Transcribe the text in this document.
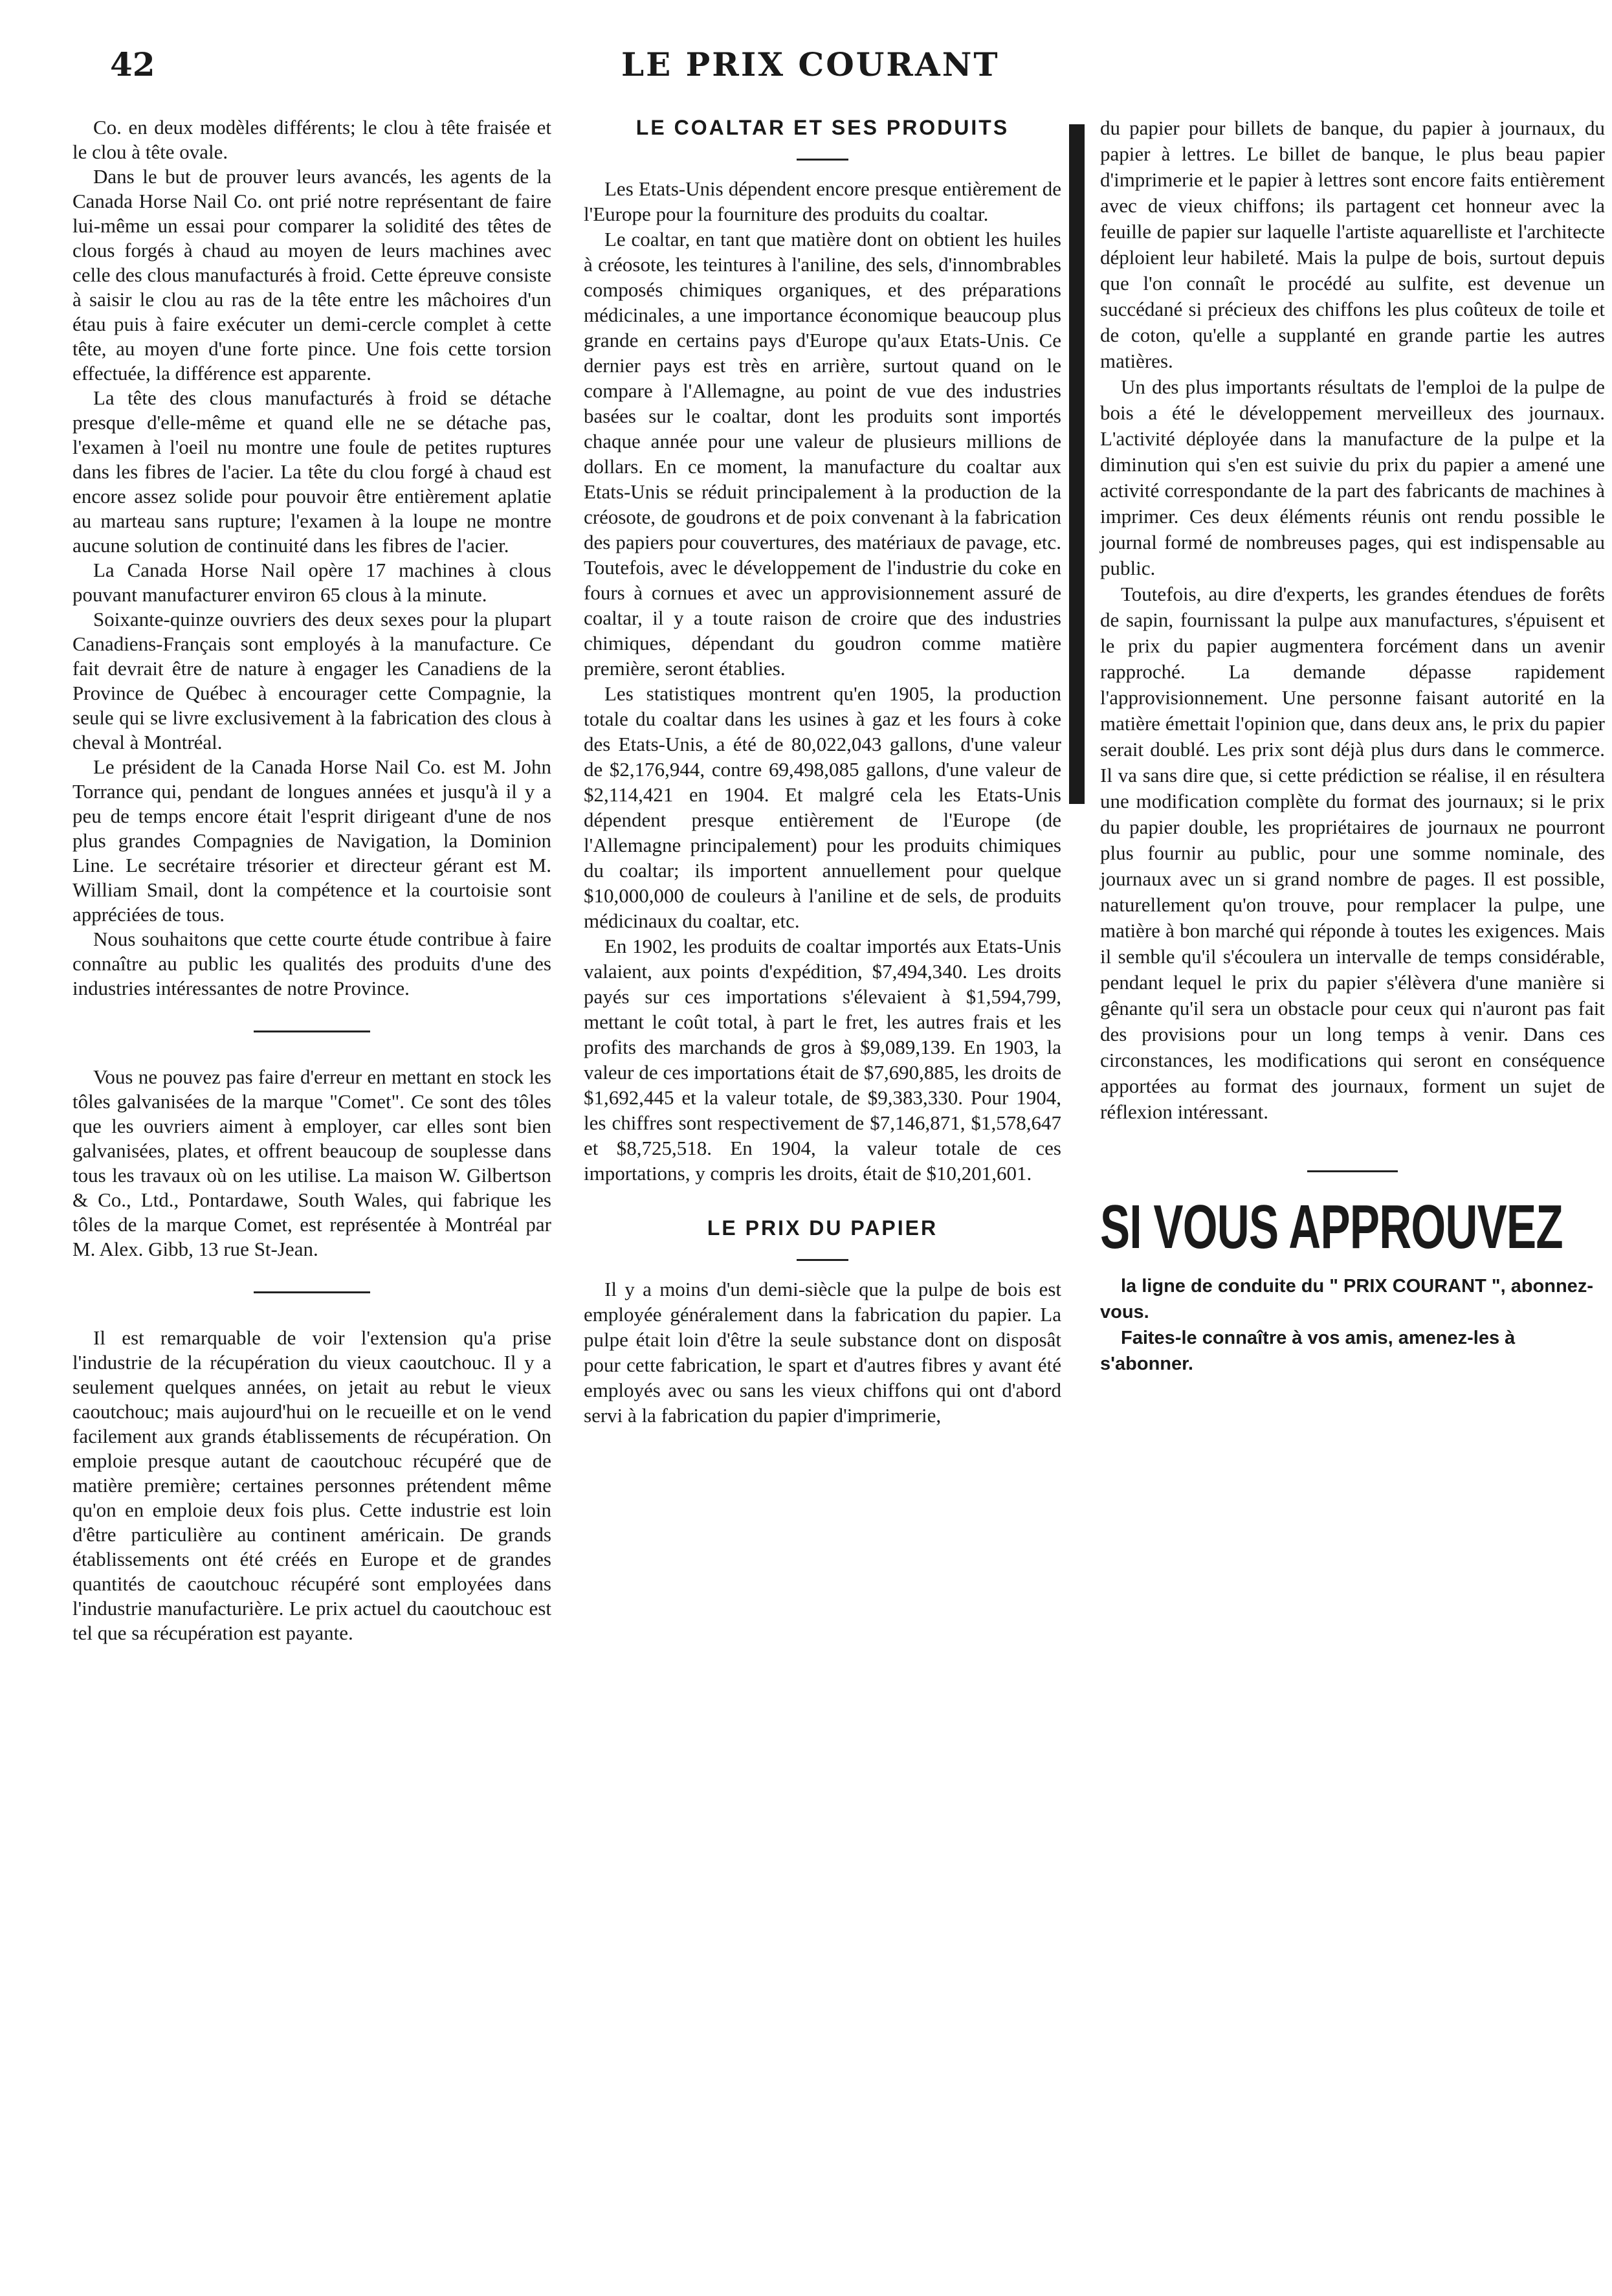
42	LE PRIX COURANT

Co. en deux modèles différents; le clou à tête fraisée et le clou à tête ovale.

Dans le but de prouver leurs avancés, les agents de la Canada Horse Nail Co. ont prié notre représentant de faire lui-même un essai pour comparer la solidité des têtes de clous forgés à chaud au moyen de leurs machines avec celle des clous manufacturés à froid. Cette épreuve consiste à saisir le clou au ras de la tête entre les mâchoires d'un étau puis à faire exécuter un demi-cercle complet à cette tête, au moyen d'une forte pince. Une fois cette torsion effectuée, la différence est apparente.

La tête des clous manufacturés à froid se détache presque d'elle-même et quand elle ne se détache pas, l'examen à l'oeil nu montre une foule de petites ruptures dans les fibres de l'acier. La tête du clou forgé à chaud est encore assez solide pour pouvoir être entièrement aplatie au marteau sans rupture; l'examen à la loupe ne montre aucune solution de continuité dans les fibres de l'acier.

La Canada Horse Nail opère 17 machines à clous pouvant manufacturer environ 65 clous à la minute.

Soixante-quinze ouvriers des deux sexes pour la plupart Canadiens-Français sont employés à la manufacture. Ce fait devrait être de nature à engager les Canadiens de la Province de Québec à encourager cette Compagnie, la seule qui se livre exclusivement à la fabrication des clous à cheval à Montréal.

Le président de la Canada Horse Nail Co. est M. John Torrance qui, pendant de longues années et jusqu'à il y a peu de temps encore était l'esprit dirigeant d'une de nos plus grandes Compagnies de Navigation, la Dominion Line. Le secrétaire trésorier et directeur gérant est M. William Smail, dont la compétence et la courtoisie sont appréciées de tous.

Nous souhaitons que cette courte étude contribue à faire connaître au public les qualités des produits d'une des industries intéressantes de notre Province.

Vous ne pouvez pas faire d'erreur en mettant en stock les tôles galvanisées de la marque "Comet". Ce sont des tôles que les ouvriers aiment à employer, car elles sont bien galvanisées, plates, et offrent beaucoup de souplesse dans tous les travaux où on les utilise. La maison W. Gilbertson & Co., Ltd., Pontardawe, South Wales, qui fabrique les tôles de la marque Comet, est représentée à Montréal par M. Alex. Gibb, 13 rue St-Jean.

Il est remarquable de voir l'extension qu'a prise l'industrie de la récupération du vieux caoutchouc. Il y a seulement quelques années, on jetait au rebut le vieux caoutchouc; mais aujourd'hui on le recueille et on le vend facilement aux grands établissements de récupération. On emploie presque autant de caoutchouc récupéré que de matière première; certaines personnes prétendent même qu'on en emploie deux fois plus. Cette industrie est loin d'être particulière au continent américain. De grands établissements ont été créés en Europe et de grandes quantités de caoutchouc récupéré sont employées dans l'industrie manufacturière. Le prix actuel du caoutchouc est tel que sa récupération est payante.

LE COALTAR ET SES PRODUITS

Les Etats-Unis dépendent encore presque entièrement de l'Europe pour la fourniture des produits du coaltar.

Le coaltar, en tant que matière dont on obtient les huiles à créosote, les teintures à l'aniline, des sels, d'innombrables composés chimiques organiques, et des préparations médicinales, a une importance économique beaucoup plus grande en certains pays d'Europe qu'aux Etats-Unis. Ce dernier pays est très en arrière, surtout quand on le compare à l'Allemagne, au point de vue des industries basées sur le coaltar, dont les produits sont importés chaque année pour une valeur de plusieurs millions de dollars. En ce moment, la manufacture du coaltar aux Etats-Unis se réduit principalement à la production de la créosote, de goudrons et de poix convenant à la fabrication des papiers pour couvertures, des matériaux de pavage, etc. Toutefois, avec le développement de l'industrie du coke en fours à cornues et avec un approvisionnement assuré de coaltar, il y a toute raison de croire que des industries chimiques, dépendant du goudron comme matière première, seront établies.

Les statistiques montrent qu'en 1905, la production totale du coaltar dans les usines à gaz et les fours à coke des Etats-Unis, a été de 80,022,043 gallons, d'une valeur de $2,176,944, contre 69,498,085 gallons, d'une valeur de $2,114,421 en 1904. Et malgré cela les Etats-Unis dépendent presque entièrement de l'Europe (de l'Allemagne principalement) pour les produits chimiques du coaltar; ils importent annuellement pour quelque $10,000,000 de couleurs à l'aniline et de sels, de produits médicinaux du coaltar, etc.

En 1902, les produits de coaltar importés aux Etats-Unis valaient, aux points d'expédition, $7,494,340. Les droits payés sur ces importations s'élevaient à $1,594,799, mettant le coût total, à part le fret, les autres frais et les profits des marchands de gros à $9,089,139. En 1903, la valeur de ces importations était de $7,690,885, les droits de $1,692,445 et la valeur totale, de $9,383,330. Pour 1904, les chiffres sont respectivement de $7,146,871, $1,578,647 et $8,725,518. En 1904, la valeur totale de ces importations, y compris les droits, était de $10,201,601.

LE PRIX DU PAPIER

Il y a moins d'un demi-siècle que la pulpe de bois est employée généralement dans la fabrication du papier. La pulpe était loin d'être la seule substance dont on disposât pour cette fabrication, le spart et d'autres fibres y avant été employés avec ou sans les vieux chiffons qui ont d'abord servi à la fabrication du papier d'imprimerie,

du papier pour billets de banque, du papier à journaux, du papier à lettres. Le billet de banque, le plus beau papier d'imprimerie et le papier à lettres sont encore faits entièrement avec de vieux chiffons; ils partagent cet honneur avec la feuille de papier sur laquelle l'artiste aquarelliste et l'architecte déploient leur habileté. Mais la pulpe de bois, surtout depuis que l'on connaît le procédé au sulfite, est devenue un succédané si précieux des chiffons les plus coûteux de toile et de coton, qu'elle a supplanté en grande partie les autres matières.

Un des plus importants résultats de l'emploi de la pulpe de bois a été le développement merveilleux des journaux. L'activité déployée dans la manufacture de la pulpe et la diminution qui s'en est suivie du prix du papier a amené une activité correspondante de la part des fabricants de machines à imprimer. Ces deux éléments réunis ont rendu possible le journal formé de nombreuses pages, qui est indispensable au public.

Toutefois, au dire d'experts, les grandes étendues de forêts de sapin, fournissant la pulpe aux manufactures, s'épuisent et le prix du papier augmentera forcément dans un avenir rapproché. La demande dépasse rapidement l'approvisionnement. Une personne faisant autorité en la matière émettait l'opinion que, dans deux ans, le prix du papier serait doublé. Les prix sont déjà plus durs dans le commerce. Il va sans dire que, si cette prédiction se réalise, il en résultera une modification complète du format des journaux; si le prix du papier double, les propriétaires de journaux ne pourront plus fournir au public, pour une somme nominale, des journaux avec un si grand nombre de pages. Il est possible, naturellement qu'on trouve, pour remplacer la pulpe, une matière à bon marché qui réponde à toutes les exigences. Mais il semble qu'il s'écoulera un intervalle de temps considérable, pendant lequel le prix du papier s'élèvera d'une manière si gênante qu'il sera un obstacle pour ceux qui n'auront pas fait des provisions pour un long temps à venir. Dans ces circonstances, les modifications qui seront en conséquence apportées au format des journaux, forment un sujet de réflexion intéressant.

SI VOUS APPROUVEZ

la ligne de conduite du " PRIX COURANT ", abonnez-vous.

Faites-le connaître à vos amis, amenez-les à s'abonner.
